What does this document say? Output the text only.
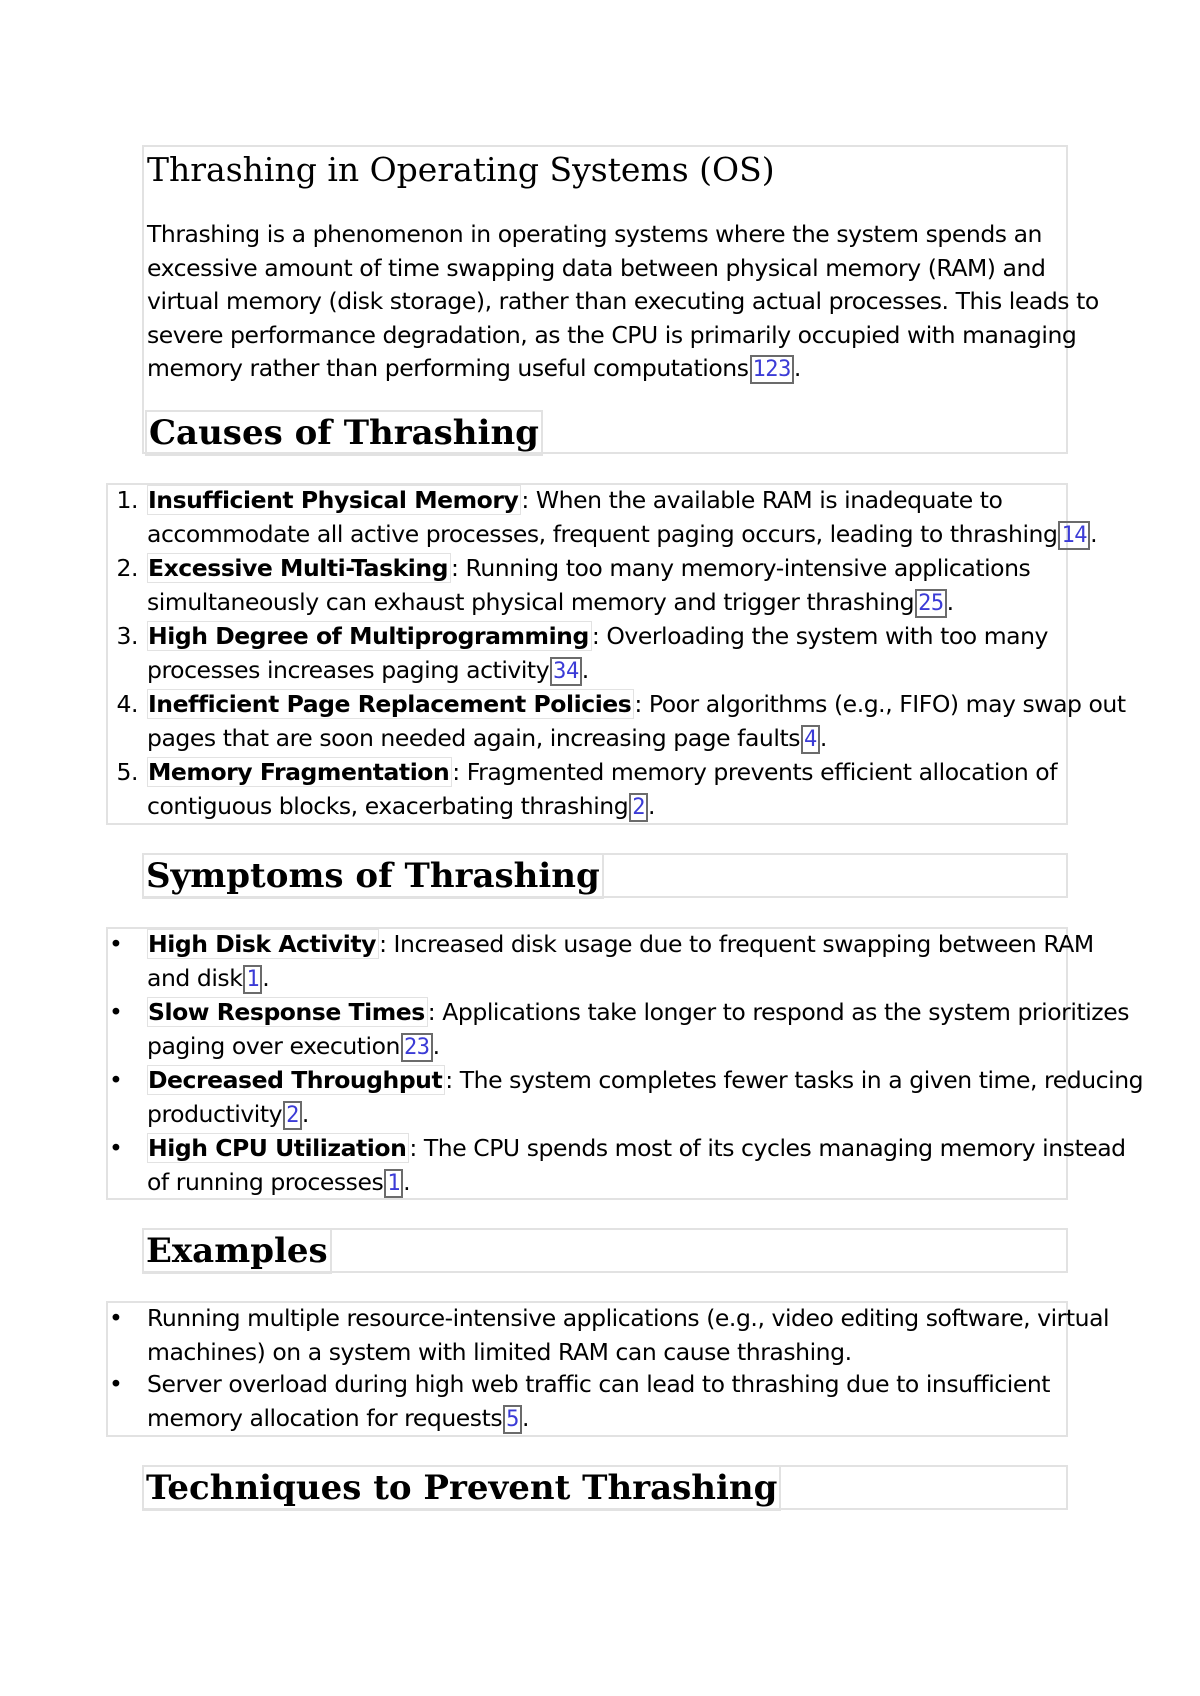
Thrashing in Operating Systems (OS)
Thrashing is a phenomenon in operating systems where the system spends an
excessive amount of time swapping data between physical memory (RAM) and
virtual memory (disk storage), rather than executing actual processes. This leads to
severe performance degradation, as the CPU is primarily occupied with managing
memory rather than performing useful computations 123 .
Causes of Thrashing
1. Insufficient Physical Memory : When the available RAM is inadequate to
accommodate all active processes, frequent paging occurs, leading to thrashing 14 .
2. Excessive Multi-Tasking : Running too many memory-intensive applications
simultaneously can exhaust physical memory and trigger thrashing 25 .
3. High Degree of Multiprogramming : Overloading the system with too many
processes increases paging activity 34 .
4. Inefficient Page Replacement Policies : Poor algorithms (e.g., FIFO) may swap out
pages that are soon needed again, increasing page faults 4 .
5. Memory Fragmentation : Fragmented memory prevents efficient allocation of
contiguous blocks, exacerbating thrashing 2 .
Symptoms of Thrashing
• High Disk Activity : Increased disk usage due to frequent swapping between RAM
and disk 1 .
• Slow Response Times : Applications take longer to respond as the system prioritizes
paging over execution 23 .
• Decreased Throughput : The system completes fewer tasks in a given time, reducing
productivity 2 .
• High CPU Utilization : The CPU spends most of its cycles managing memory instead
of running processes 1 .
Examples
• Running multiple resource-intensive applications (e.g., video editing software, virtual
machines) on a system with limited RAM can cause thrashing.
• Server overload during high web traffic can lead to thrashing due to insufficient
memory allocation for requests 5 .
Techniques to Prevent Thrashing
